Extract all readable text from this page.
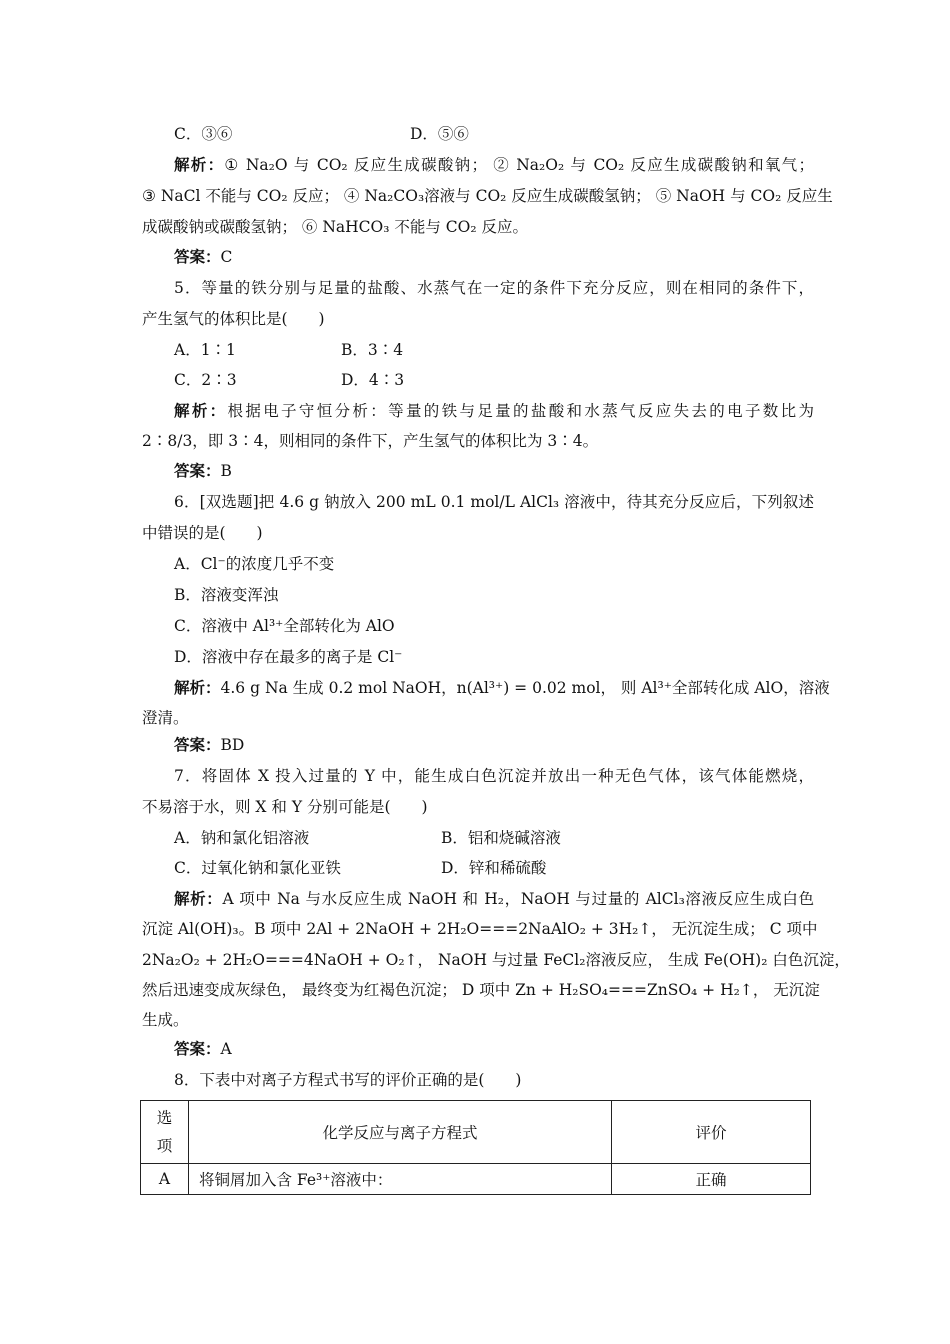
C．③⑥	D．⑤⑥
解析：① Na₂O 与 CO₂ 反应生成碳酸钠； ② Na₂O₂ 与 CO₂ 反应生成碳酸钠和氧气；
③ NaCl 不能与 CO₂ 反应； ④ Na₂CO₃溶液与 CO₂ 反应生成碳酸氢钠； ⑤ NaOH 与 CO₂ 反应生
成碳酸钠或碳酸氢钠； ⑥ NaHCO₃ 不能与 CO₂ 反应。
答案：C
5．等量的铁分别与足量的盐酸、水蒸气在一定的条件下充分反应，则在相同的条件下，
产生氢气的体积比是(　　)
A．1∶1	B．3∶4
C．2∶3	D．4∶3
解析：根据电子守恒分析：等量的铁与足量的盐酸和水蒸气反应失去的电子数比为
2∶8/3，即 3∶4，则相同的条件下，产生氢气的体积比为 3∶4。
答案：B
6．[双选题]把 4.6 g 钠放入 200 mL 0.1 mol/L AlCl₃ 溶液中，待其充分反应后，下列叙述
中错误的是(　　)
A．Cl⁻的浓度几乎不变
B．溶液变浑浊
C．溶液中 Al³⁺全部转化为 AlO
D．溶液中存在最多的离子是 Cl⁻
解析：4.6 g Na 生成 0.2 mol NaOH，n(Al³⁺) = 0.02 mol， 则 Al³⁺全部转化成 AlO，溶液
澄清。
答案：BD
7．将固体 X 投入过量的 Y 中，能生成白色沉淀并放出一种无色气体，该气体能燃烧，
不易溶于水，则 X 和 Y 分别可能是(　　)
A．钠和氯化铝溶液	B．铝和烧碱溶液
C．过氧化钠和氯化亚铁	D．锌和稀硫酸
解析：A 项中 Na 与水反应生成 NaOH 和 H₂，NaOH 与过量的 AlCl₃溶液反应生成白色
沉淀 Al(OH)₃。B 项中 2Al + 2NaOH + 2H₂O===2NaAlO₂ + 3H₂↑， 无沉淀生成； C 项中
2Na₂O₂ + 2H₂O===4NaOH + O₂↑， NaOH 与过量 FeCl₂溶液反应， 生成 Fe(OH)₂ 白色沉淀，
然后迅速变成灰绿色， 最终变为红褐色沉淀； D 项中 Zn + H₂SO₄===ZnSO₄ + H₂↑， 无沉淀
生成。
答案：A
8．下表中对离子方程式书写的评价正确的是(　　)
选项	化学反应与离子方程式	评价
A	将铜屑加入含 Fe³⁺溶液中：	正确
